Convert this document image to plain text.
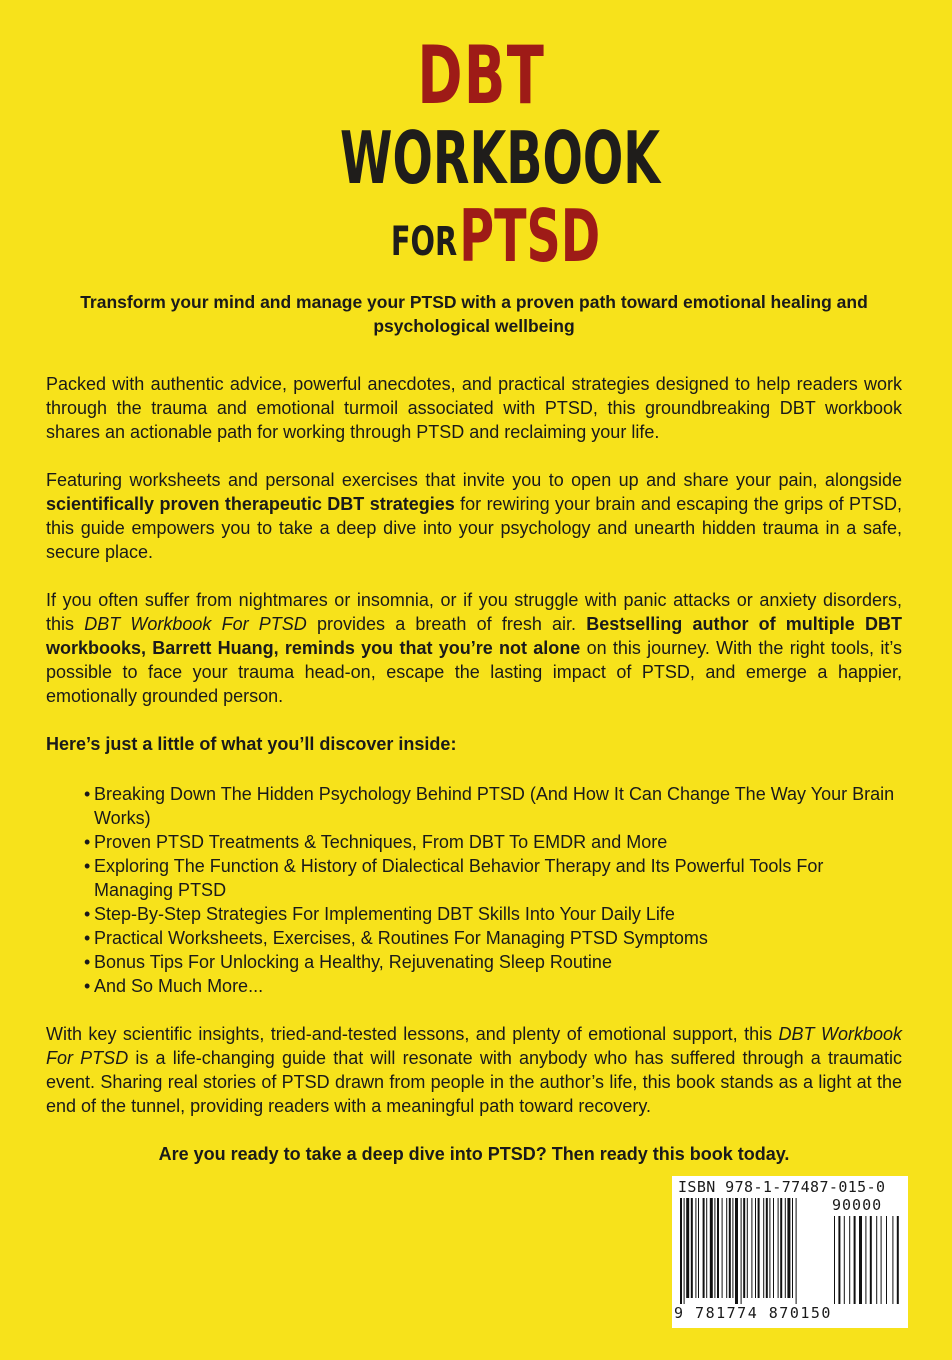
DBT
WORKBOOK
FOR PTSD

Transform your mind and manage your PTSD with a proven path toward emotional healing and psychological wellbeing

Packed with authentic advice, powerful anecdotes, and practical strategies designed to help readers work through the trauma and emotional turmoil associated with PTSD, this groundbreaking DBT workbook shares an actionable path for working through PTSD and reclaiming your life.

Featuring worksheets and personal exercises that invite you to open up and share your pain, alongside scientifically proven therapeutic DBT strategies for rewiring your brain and escaping the grips of PTSD, this guide empowers you to take a deep dive into your psychology and unearth hidden trauma in a safe, secure place.

If you often suffer from nightmares or insomnia, or if you struggle with panic attacks or anxiety disorders, this DBT Workbook For PTSD provides a breath of fresh air. Bestselling author of multiple DBT workbooks, Barrett Huang, reminds you that you’re not alone on this journey. With the right tools, it’s possible to face your trauma head-on, escape the lasting impact of PTSD, and emerge a happier, emotionally grounded person.

Here’s just a little of what you’ll discover inside:

• Breaking Down The Hidden Psychology Behind PTSD (And How It Can Change The Way Your Brain Works)
• Proven PTSD Treatments & Techniques, From DBT To EMDR and More
• Exploring The Function & History of Dialectical Behavior Therapy and Its Powerful Tools For Managing PTSD
• Step-By-Step Strategies For Implementing DBT Skills Into Your Daily Life
• Practical Worksheets, Exercises, & Routines For Managing PTSD Symptoms
• Bonus Tips For Unlocking a Healthy, Rejuvenating Sleep Routine
• And So Much More...

With key scientific insights, tried-and-tested lessons, and plenty of emotional support, this DBT Workbook For PTSD is a life-changing guide that will resonate with anybody who has suffered through a traumatic event. Sharing real stories of PTSD drawn from people in the author’s life, this book stands as a light at the end of the tunnel, providing readers with a meaningful path toward recovery.

Are you ready to take a deep dive into PTSD? Then ready this book today.

ISBN 978-1-77487-015-0
90000
9 781774 870150
